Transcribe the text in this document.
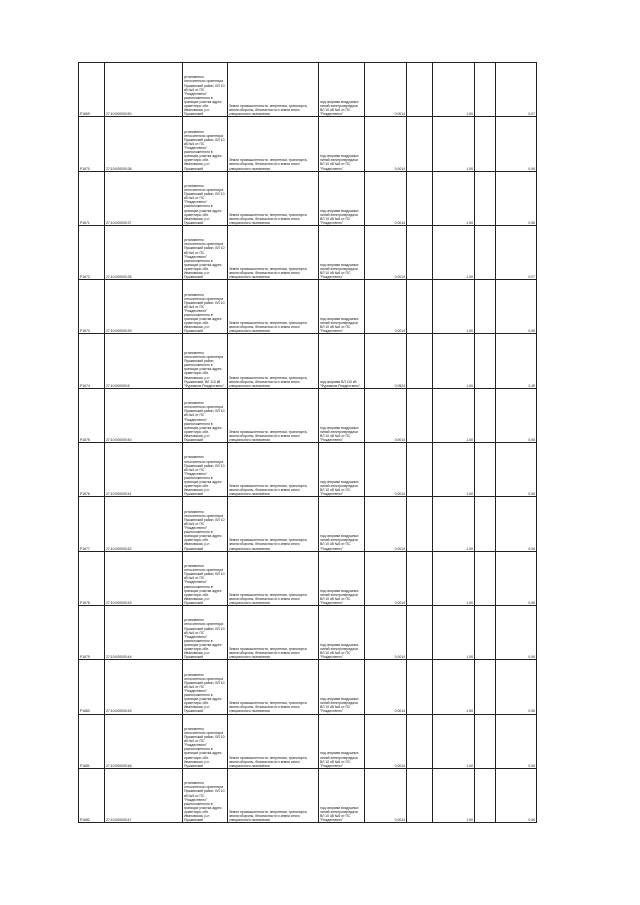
Р1669	27:10:000000:50	установлено относительно ориентира Пушкинский район, ВЛ 10 кВ №6 от ПС "Рождествено" расположенного в границах участка адрес ориентира: обл. Ивановская, р-н Пушкинский	Земли промышленности, энергетики, транспорта, земли обороны, безопасности и земли иного специального назначения	под опорами воздушных линий электропередачи ВЛ 10 кВ №6 от ПС "Рождествено"	0,0014		1,50		0,07
Р1670	27:10:000000:38	установлено относительно ориентира Пушкинский район, ВЛ 10 кВ №6 от ПС "Рождествено" расположенного в границах участка адрес ориентира: обл. Ивановская, р-н Пушкинский	Земли промышленности, энергетики, транспорта, земли обороны, безопасности и земли иного специального назначения	под опорами воздушных линий электропередачи ВЛ 10 кВ №6 от ПС "Рождествено"	0,0014		1,50		0,06
Р1671	27:10:000000:37	установлено относительно ориентира Пушкинский район, ВЛ 10 кВ №6 от ПС "Рождествено" расположенного в границах участка адрес ориентира: обл. Ивановская, р-н Пушкинский	Земли промышленности, энергетики, транспорта, земли обороны, безопасности и земли иного специального назначения	под опорами воздушных линий электропередачи ВЛ 10 кВ №6 от ПС "Рождествено"	0,0014		1,50		0,06
Р1672	27:10:000000:36	установлено относительно ориентира Пушкинский район, ВЛ 10 кВ №6 от ПС "Рождествено" расположенного в границах участка адрес ориентира: обл. Ивановская, р-н Пушкинский	Земли промышленности, энергетики, транспорта, земли обороны, безопасности и земли иного специального назначения	под опорами воздушных линий электропередачи ВЛ 10 кВ №6 от ПС "Рождествено"	0,0014		1,50		0,07
Р1673	27:10:000000:39	установлено относительно ориентира Пушкинский район, ВЛ 10 кВ №6 от ПС "Рождествено" расположенного в границах участка адрес ориентира: обл. Ивановская, р-н Пушкинский	Земли промышленности, энергетики, транспорта, земли обороны, безопасности и земли иного специального назначения	под опорами воздушных линий электропередачи ВЛ 10 кВ №6 от ПС "Рождествено"	0,0014		1,50		0,06
Р1674	27:10:000000:6	установлено относительно ориентира Пушкинский район, расположенного в границах участка адрес ориентира: обл. Ивановская, р-н Пушкинский, ВЛ 110 кВ "Фурманов-Рождествено"	Земли промышленности, энергетики, транспорта, земли обороны, безопасности и земли иного специального назначения	под опорами ВЛ 110 кВ "Фурманов-Рождествено"	0,0524		1,50		2,49
Р1675	27:10:000000:40	установлено относительно ориентира Пушкинский район, ВЛ 10 кВ №6 от ПС "Рождествено" расположенного в границах участка адрес ориентира: обл. Ивановская, р-н Пушкинский	Земли промышленности, энергетики, транспорта, земли обороны, безопасности и земли иного специального назначения	под опорами воздушных линий электропередачи ВЛ 10 кВ №6 от ПС "Рождествено"	0,0014		1,50		0,06
Р1676	27:10:000000:41	установлено относительно ориентира Пушкинский район, ВЛ 10 кВ №6 от ПС "Рождествено" расположенного в границах участка адрес ориентира: обл. Ивановская, р-н Пушкинский	Земли промышленности, энергетики, транспорта, земли обороны, безопасности и земли иного специального назначения	под опорами воздушных линий электропередачи ВЛ 10 кВ №6 от ПС "Рождествено"	0,0014		1,50		0,06
Р1677	27:10:000000:42	установлено относительно ориентира Пушкинский район, ВЛ 10 кВ №6 от ПС "Рождествено" расположенного в границах участка адрес ориентира: обл. Ивановская, р-н Пушкинский	Земли промышленности, энергетики, транспорта, земли обороны, безопасности и земли иного специального назначения	под опорами воздушных линий электропередачи ВЛ 10 кВ №6 от ПС "Рождествено"	0,0014		1,50		0,06
Р1678	27:10:000000:43	установлено относительно ориентира Пушкинский район, ВЛ 10 кВ №6 от ПС "Рождествено" расположенного в границах участка адрес ориентира: обл. Ивановская, р-н Пушкинский	Земли промышленности, энергетики, транспорта, земли обороны, безопасности и земли иного специального назначения	под опорами воздушных линий электропередачи ВЛ 10 кВ №6 от ПС "Рождествено"	0,0014		1,50		0,06
Р1679	27:10:000000:44	установлено относительно ориентира Пушкинский район, ВЛ 10 кВ №6 от ПС "Рождествено" расположенного в границах участка адрес ориентира: обл. Ивановская, р-н Пушкинский	Земли промышленности, энергетики, транспорта, земли обороны, безопасности и земли иного специального назначения	под опорами воздушных линий электропередачи ВЛ 10 кВ №6 от ПС "Рождествено"	0,0014		1,50		0,06
Р1680	27:10:000000:45	установлено относительно ориентира Пушкинский район, ВЛ 10 кВ №6 от ПС "Рождествено" расположенного в границах участка адрес ориентира: обл. Ивановская, р-н Пушкинский	Земли промышленности, энергетики, транспорта, земли обороны, безопасности и земли иного специального назначения	под опорами воздушных линий электропередачи ВЛ 10 кВ №6 от ПС "Рождествено"	0,0014		1,50		0,06
Р1681	27:10:000000:46	установлено относительно ориентира Пушкинский район, ВЛ 10 кВ №6 от ПС "Рождествено" расположенного в границах участка адрес ориентира: обл. Ивановская, р-н Пушкинский	Земли промышленности, энергетики, транспорта, земли обороны, безопасности и земли иного специального назначения	под опорами воздушных линий электропередачи ВЛ 10 кВ №6 от ПС "Рождествено"	0,0014		1,50		0,06
Р1682	27:10:000000:47	установлено относительно ориентира Пушкинский район, ВЛ 10 кВ №6 от ПС "Рождествено" расположенного в границах участка адрес ориентира: обл. Ивановская, р-н Пушкинский	Земли промышленности, энергетики, транспорта, земли обороны, безопасности и земли иного специального назначения	под опорами воздушных линий электропередачи ВЛ 10 кВ №6 от ПС "Рождествено"	0,0014		1,50		0,06
